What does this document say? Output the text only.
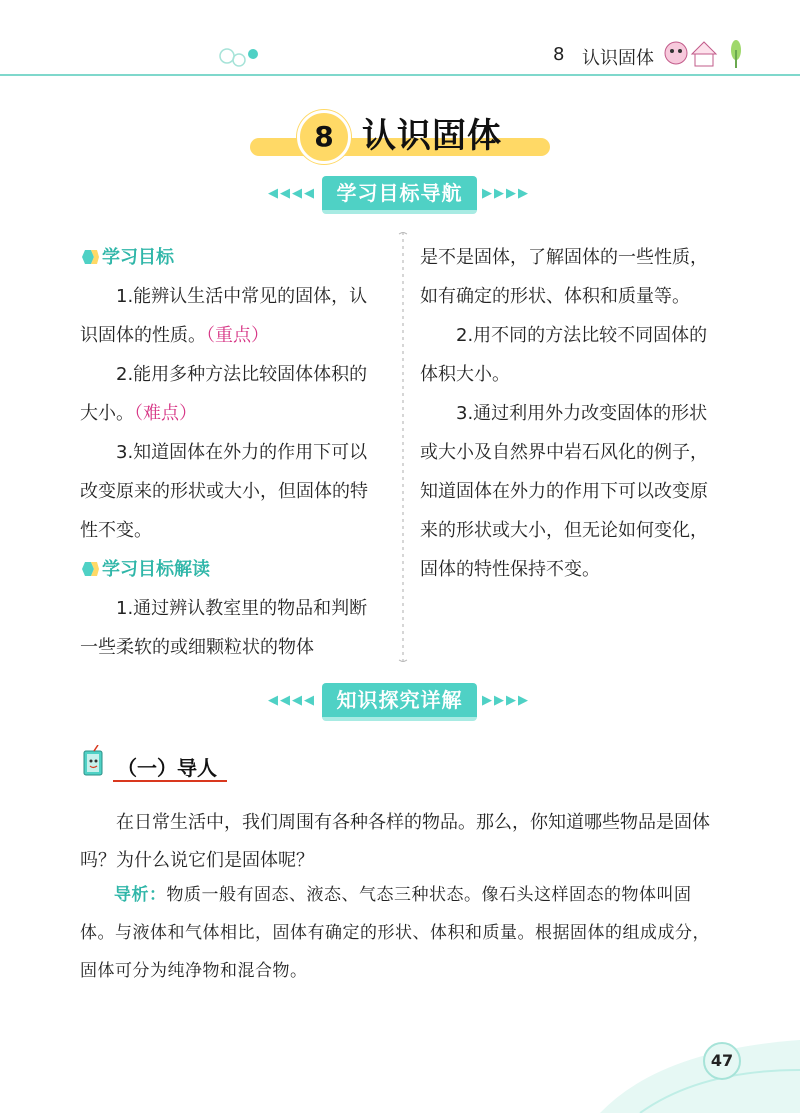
8 认识固体
8 认识固体
◀◀◀◀	学习目标导航	▶▶▶▶
学习目标
1.能辨认生活中常见的固体，认识固体的性质。（重点）
2.能用多种方法比较固体体积的大小。（难点）
3.知道固体在外力的作用下可以改变原来的形状或大小，但固体的特性不变。
学习目标解读
1.通过辨认教室里的物品和判断一些柔软的或细颗粒状的物体
是不是固体，了解固体的一些性质，如有确定的形状、体积和质量等。
2.用不同的方法比较不同固体的体积大小。
3.通过利用外力改变固体的形状或大小及自然界中岩石风化的例子，知道固体在外力的作用下可以改变原来的形状或大小，但无论如何变化，固体的特性保持不变。
◀◀◀◀	知识探究详解	▶▶▶▶
（一）导人
在日常生活中，我们周围有各种各样的物品。那么，你知道哪些物品是固体吗？为什么说它们是固体呢？
导析：物质一般有固态、液态、气态三种状态。像石头这样固态的物体叫固体。与液体和气体相比，固体有确定的形状、体积和质量。根据固体的组成成分，固体可分为纯净物和混合物。
47
